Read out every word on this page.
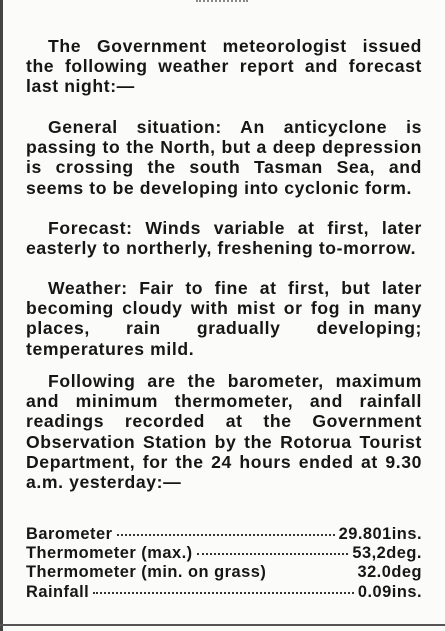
The Government meteorologist issued the following weather report and forecast last night:—

General situation: An anticyclone is passing to the North, but a deep depression is crossing the south Tasman Sea, and seems to be developing into cyclonic form.

Forecast: Winds variable at first, later easterly to northerly, freshening to-morrow.

Weather: Fair to fine at first, but later becoming cloudy with mist or fog in many places, rain gradually developing; temperatures mild.

Following are the barometer, maximum and minimum thermometer, and rainfall readings recorded at the Government Observation Station by the Rotorua Tourist Department, for the 24 hours ended at 9.30 a.m. yesterday:—

Barometer	29.801ins.
Thermometer (max.)	53,2deg.
Thermometer (min. on grass)	32.0deg
Rainfall	0.09ins.
